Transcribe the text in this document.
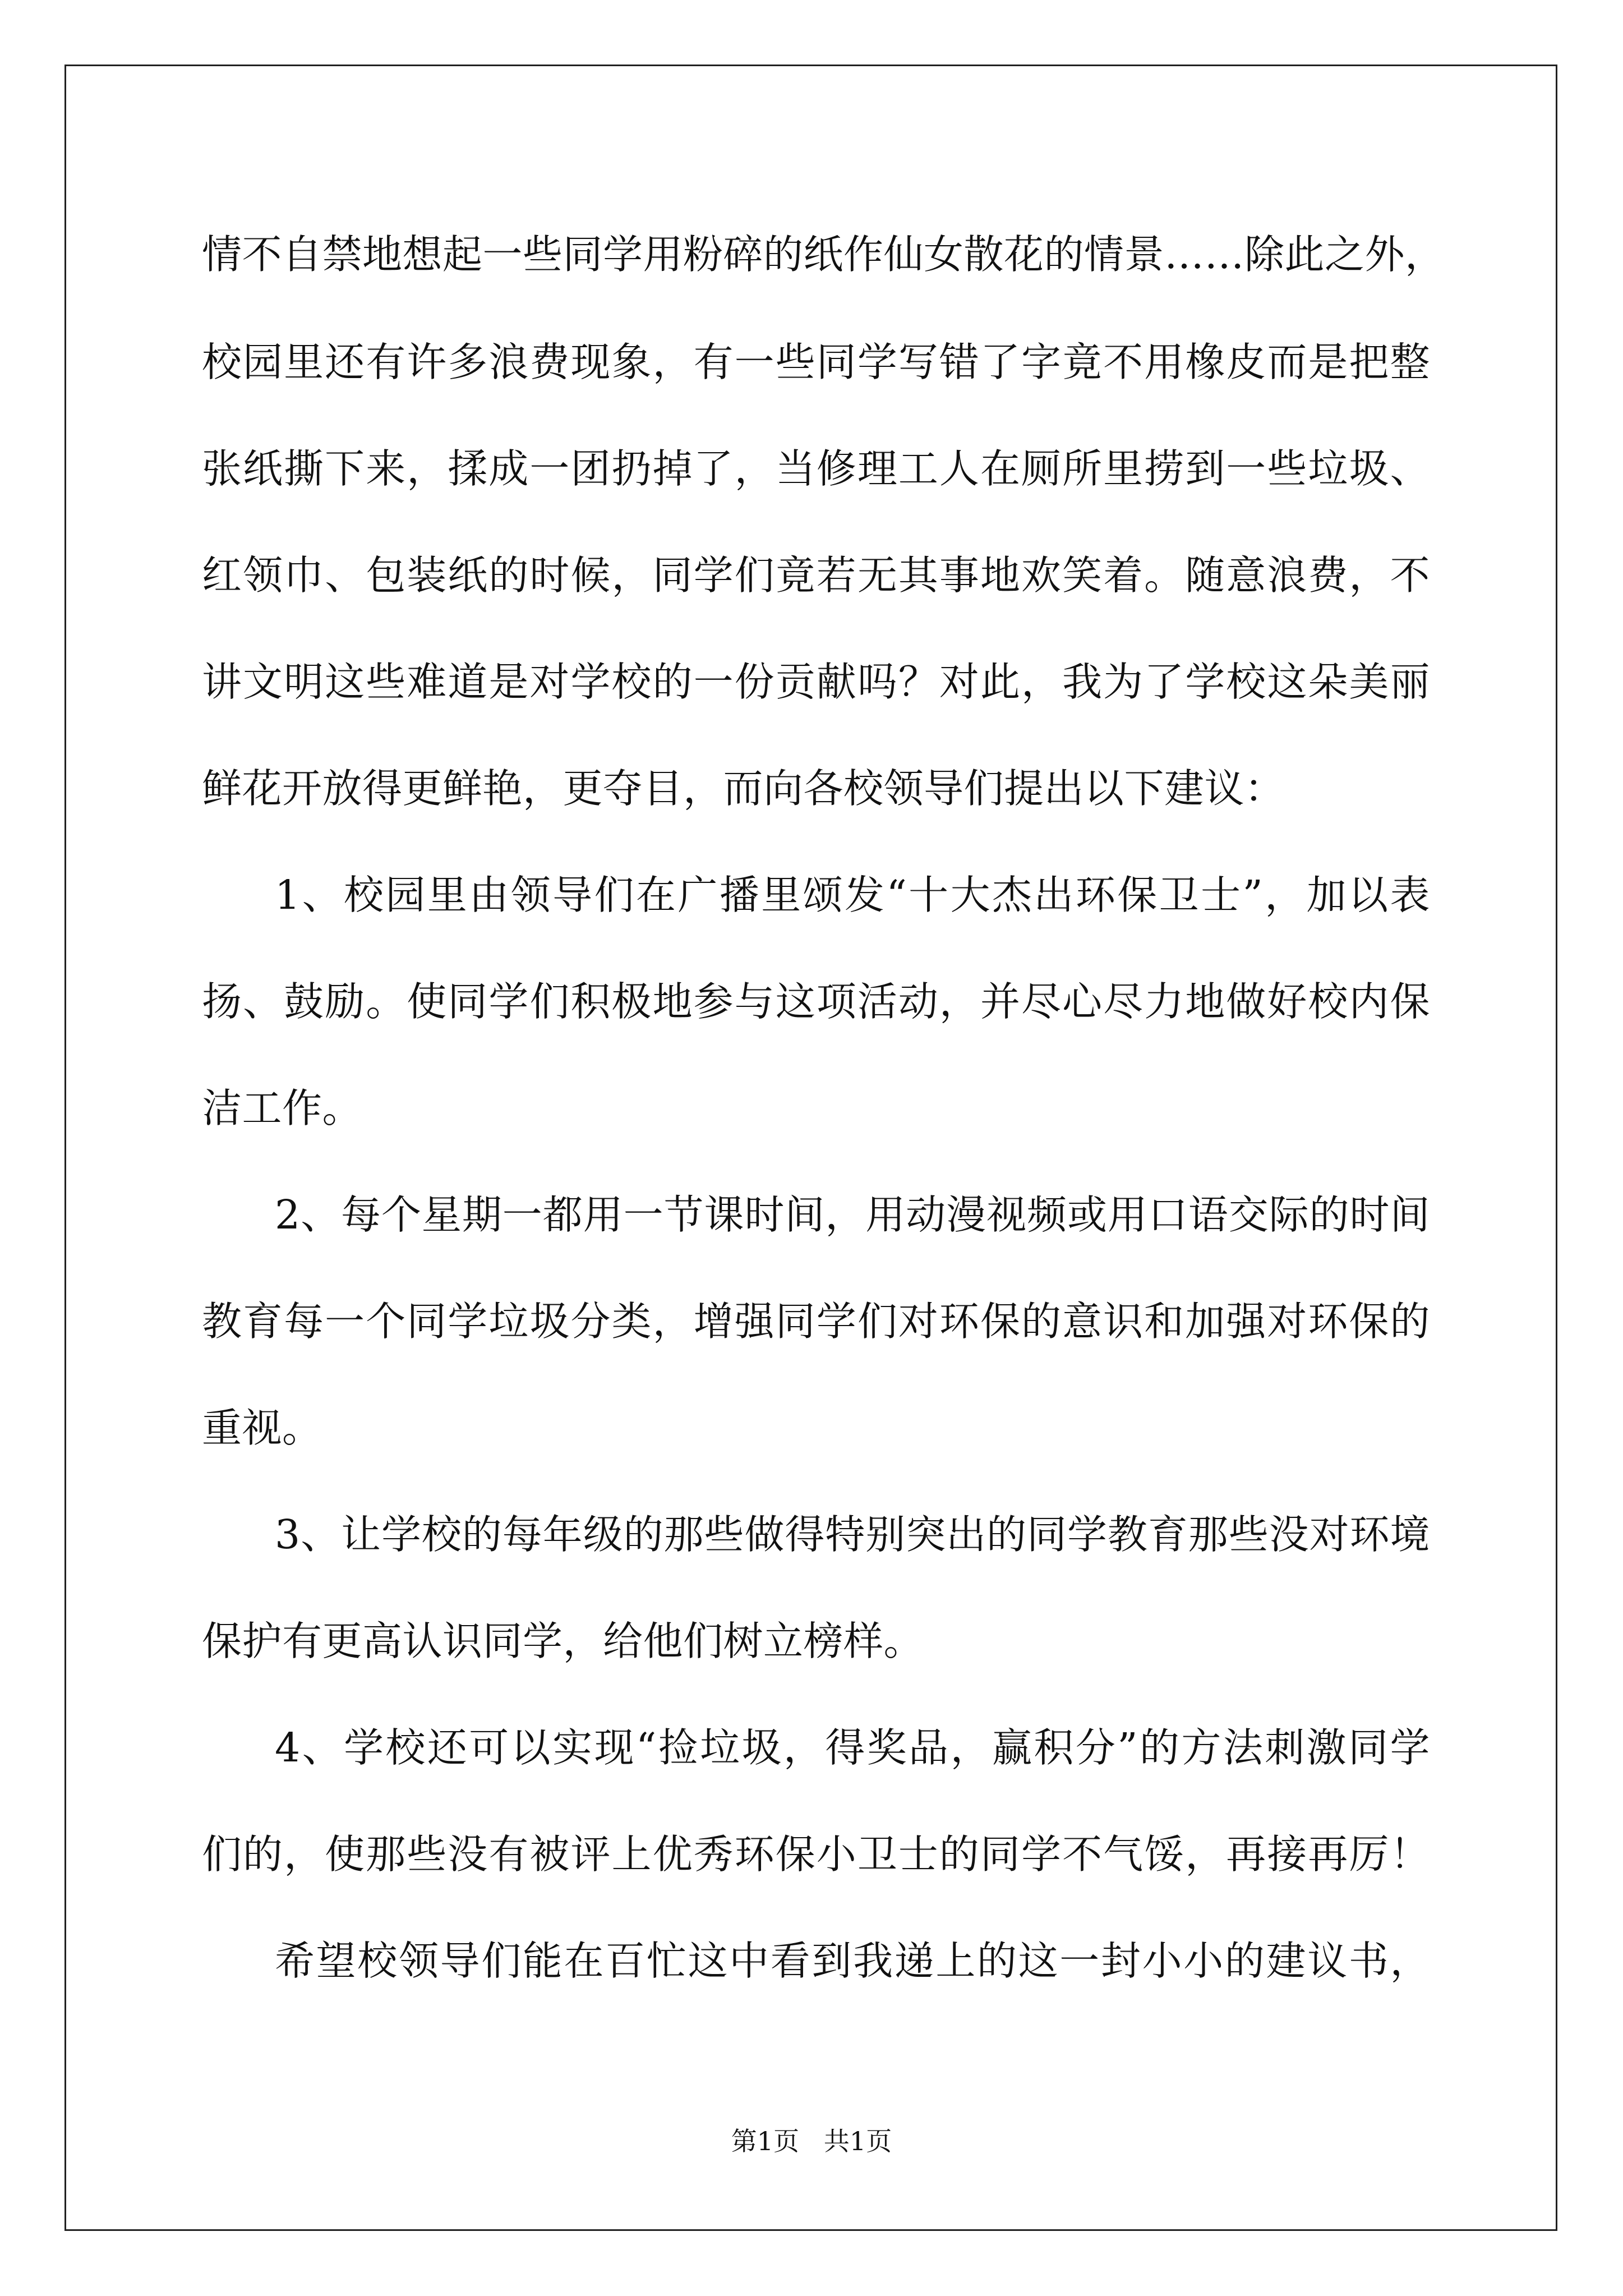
情不自禁地想起一些同学用粉碎的纸作仙女散花的情景……除此之外，
校园里还有许多浪费现象，有一些同学写错了字竟不用橡皮而是把整
张纸撕下来，揉成一团扔掉了，当修理工人在厕所里捞到一些垃圾、
红领巾、包装纸的时候，同学们竟若无其事地欢笑着。随意浪费，不
讲文明这些难道是对学校的一份贡献吗？对此，我为了学校这朵美丽
鲜花开放得更鲜艳，更夺目，而向各校领导们提出以下建议：
1、校园里由领导们在广播里颂发“十大杰出环保卫士”，加以表
扬、鼓励。使同学们积极地参与这项活动，并尽心尽力地做好校内保
洁工作。
2、每个星期一都用一节课时间，用动漫视频或用口语交际的时间
教育每一个同学垃圾分类，增强同学们对环保的意识和加强对环保的
重视。
3、让学校的每年级的那些做得特别突出的同学教育那些没对环境
保护有更高认识同学，给他们树立榜样。
4、学校还可以实现“捡垃圾，得奖品，赢积分”的方法刺激同学
们的，使那些没有被评上优秀环保小卫士的同学不气馁，再接再厉！
希望校领导们能在百忙这中看到我递上的这一封小小的建议书，
第1页   共1页
